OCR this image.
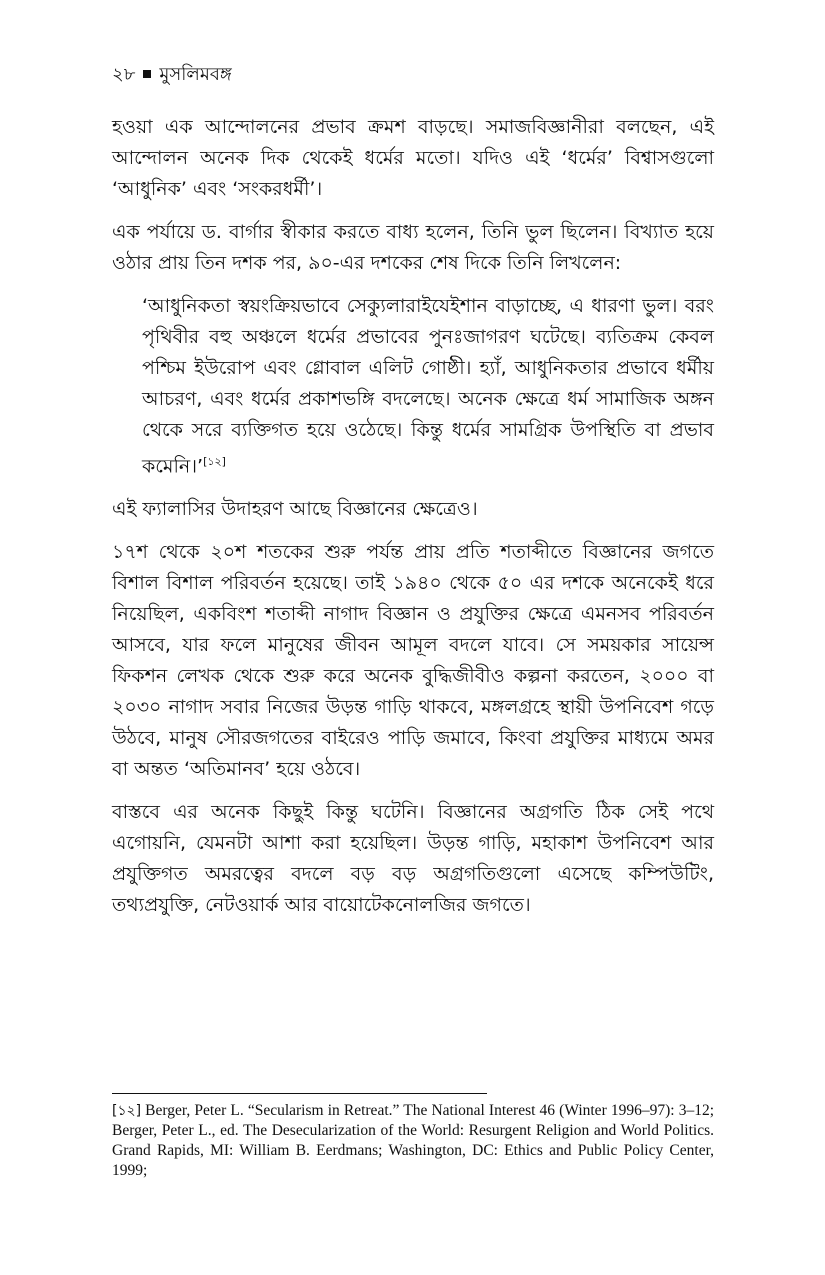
২৮ মুসলিমবঙ্গ

হওয়া এক আন্দোলনের প্রভাব ক্রমশ বাড়ছে। সমাজবিজ্ঞানীরা বলছেন, এই আন্দোলন অনেক দিক থেকেই ধর্মের মতো। যদিও এই ‘ধর্মের’ বিশ্বাসগুলো ‘আধুনিক’ এবং ‘সংকরধর্মী’।

এক পর্যায়ে ড. বার্গার স্বীকার করতে বাধ্য হলেন, তিনি ভুল ছিলেন। বিখ্যাত হয়ে ওঠার প্রায় তিন দশক পর, ৯০-এর দশকের শেষ দিকে তিনি লিখলেন:

‘আধুনিকতা স্বয়ংক্রিয়ভাবে সেক্যুলারাইযেইশান বাড়াচ্ছে, এ ধারণা ভুল। বরং পৃথিবীর বহু অঞ্চলে ধর্মের প্রভাবের পুনঃজাগরণ ঘটেছে। ব্যতিক্রম কেবল পশ্চিম ইউরোপ এবং গ্লোবাল এলিট গোষ্ঠী। হ্যাঁ, আধুনিকতার প্রভাবে ধর্মীয় আচরণ, এবং ধর্মের প্রকাশভঙ্গি বদলেছে। অনেক ক্ষেত্রে ধর্ম সামাজিক অঙ্গন থেকে সরে ব্যক্তিগত হয়ে ওঠেছে। কিন্তু ধর্মের সামগ্রিক উপস্থিতি বা প্রভাব কমেনি।’[১২]

এই ফ্যালাসির উদাহরণ আছে বিজ্ঞানের ক্ষেত্রেও।

১৭শ থেকে ২০শ শতকের শুরু পর্যন্ত প্রায় প্রতি শতাব্দীতে বিজ্ঞানের জগতে বিশাল বিশাল পরিবর্তন হয়েছে। তাই ১৯৪০ থেকে ৫০ এর দশকে অনেকেই ধরে নিয়েছিল, একবিংশ শতাব্দী নাগাদ বিজ্ঞান ও প্রযুক্তির ক্ষেত্রে এমনসব পরিবর্তন আসবে, যার ফলে মানুষের জীবন আমূল বদলে যাবে। সে সময়কার সায়েন্স ফিকশন লেখক থেকে শুরু করে অনেক বুদ্ধিজীবীও কল্পনা করতেন, ২০০০ বা ২০৩০ নাগাদ সবার নিজের উড়ন্ত গাড়ি থাকবে, মঙ্গলগ্রহে স্থায়ী উপনিবেশ গড়ে উঠবে, মানুষ সৌরজগতের বাইরেও পাড়ি জমাবে, কিংবা প্রযুক্তির মাধ্যমে অমর বা অন্তত ‘অতিমানব’ হয়ে ওঠবে।

বাস্তবে এর অনেক কিছুই কিন্তু ঘটেনি। বিজ্ঞানের অগ্রগতি ঠিক সেই পথে এগোয়নি, যেমনটা আশা করা হয়েছিল। উড়ন্ত গাড়ি, মহাকাশ উপনিবেশ আর প্রযুক্তিগত অমরত্বের বদলে বড় বড় অগ্রগতিগুলো এসেছে কম্পিউটিং, তথ্যপ্রযুক্তি, নেটওয়ার্ক আর বায়োটেকনোলজির জগতে।

[১২] Berger, Peter L. “Secularism in Retreat.” The National Interest 46 (Winter 1996–97): 3–12; Berger, Peter L., ed. The Desecularization of the World: Resurgent Religion and World Politics. Grand Rapids, MI: William B. Eerdmans; Washington, DC: Ethics and Public Policy Center, 1999;
